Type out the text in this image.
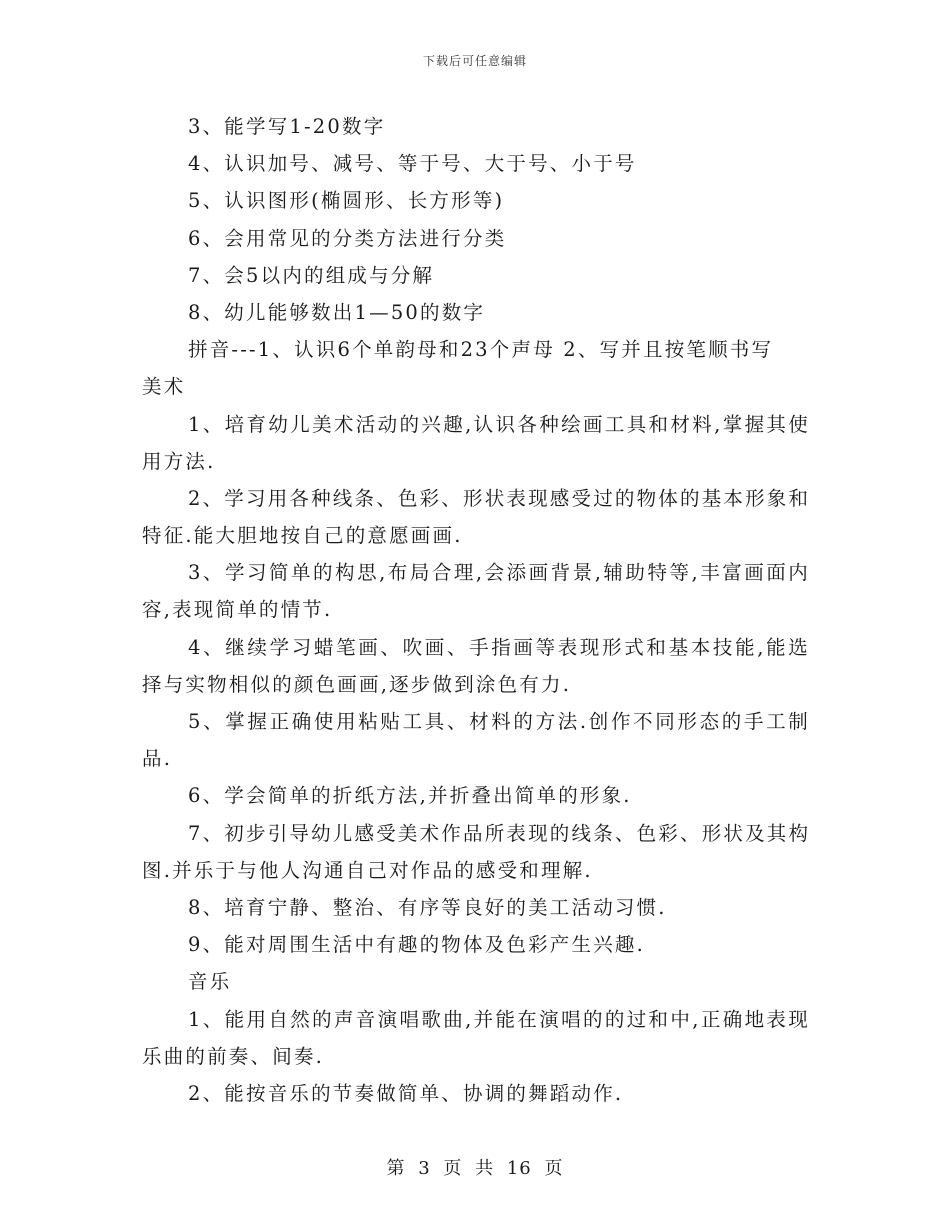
下载后可任意编辑
3、能学写1-20数字
4、认识加号、减号、等于号、大于号、小于号
5、认识图形(椭圆形、长方形等)
6、会用常见的分类方法进行分类
7、会5以内的组成与分解
8、幼儿能够数出1—50的数字
拼音---1、认识6个单韵母和23个声母 2、写并且按笔顺书写
美术
1、培育幼儿美术活动的兴趣,认识各种绘画工具和材料,掌握其使
用方法.
2、学习用各种线条、色彩、形状表现感受过的物体的基本形象和
特征.能大胆地按自己的意愿画画.
3、学习简单的构思,布局合理,会添画背景,辅助特等,丰富画面内
容,表现简单的情节.
4、继续学习蜡笔画、吹画、手指画等表现形式和基本技能,能选
择与实物相似的颜色画画,逐步做到涂色有力.
5、掌握正确使用粘贴工具、材料的方法.创作不同形态的手工制
品.
6、学会简单的折纸方法,并折叠出简单的形象.
7、初步引导幼儿感受美术作品所表现的线条、色彩、形状及其构
图.并乐于与他人沟通自己对作品的感受和理解.
8、培育宁静、整治、有序等良好的美工活动习惯.
9、能对周围生活中有趣的物体及色彩产生兴趣.
音乐
1、能用自然的声音演唱歌曲,并能在演唱的的过和中,正确地表现
乐曲的前奏、间奏.
2、能按音乐的节奏做简单、协调的舞蹈动作.
第 3 页 共 16 页
